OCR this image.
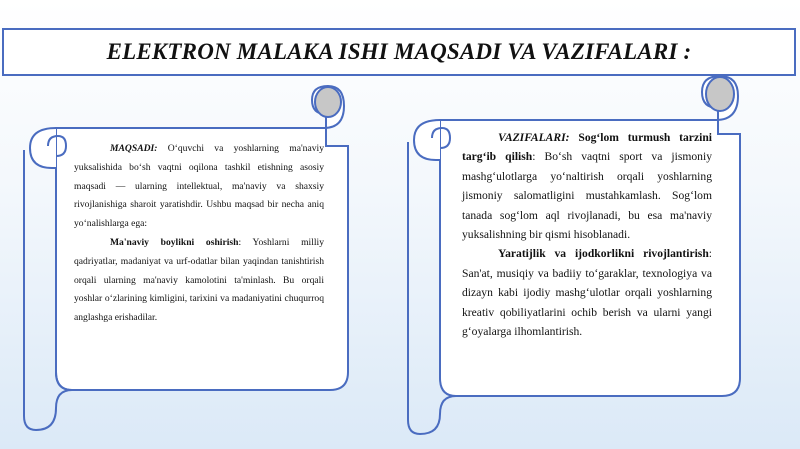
ELEKTRON MALAKA ISHI MAQSADI VA VAZIFALARI :

MAQSADI: O‘quvchi va yoshlarning ma'naviy yuksalishida bo‘sh vaqtni oqilona tashkil etishning asosiy maqsadi — ularning intellektual, ma'naviy va shaxsiy rivojlanishiga sharoit yaratishdir. Ushbu maqsad bir necha aniq yo‘nalishlarga ega:

Ma'naviy boylikni oshirish: Yoshlarni milliy qadriyatlar, madaniyat va urf-odatlar bilan yaqindan tanishtirish orqali ularning ma'naviy kamolotini ta'minlash. Bu orqali yoshlar o‘zlarining kimligini, tarixini va madaniyatini chuqurroq anglashga erishadilar.

VAZIFALARI: Sog‘lom turmush tarzini targ‘ib qilish: Bo‘sh vaqtni sport va jismoniy mashg‘ulotlarga yo‘naltirish orqali yoshlarning jismoniy salomatligini mustahkamlash. Sog‘lom tanada sog‘lom aql rivojlanadi, bu esa ma'naviy yuksalishning bir qismi hisoblanadi.

Yaratijlik va ijodkorlikni rivojlantirish: San'at, musiqiy va badiiy to‘garaklar, texnologiya va dizayn kabi ijodiy mashg‘ulotlar orqali yoshlarning kreativ qobiliyatlarini ochib berish va ularni yangi g‘oyalarga ilhomlantirish.
